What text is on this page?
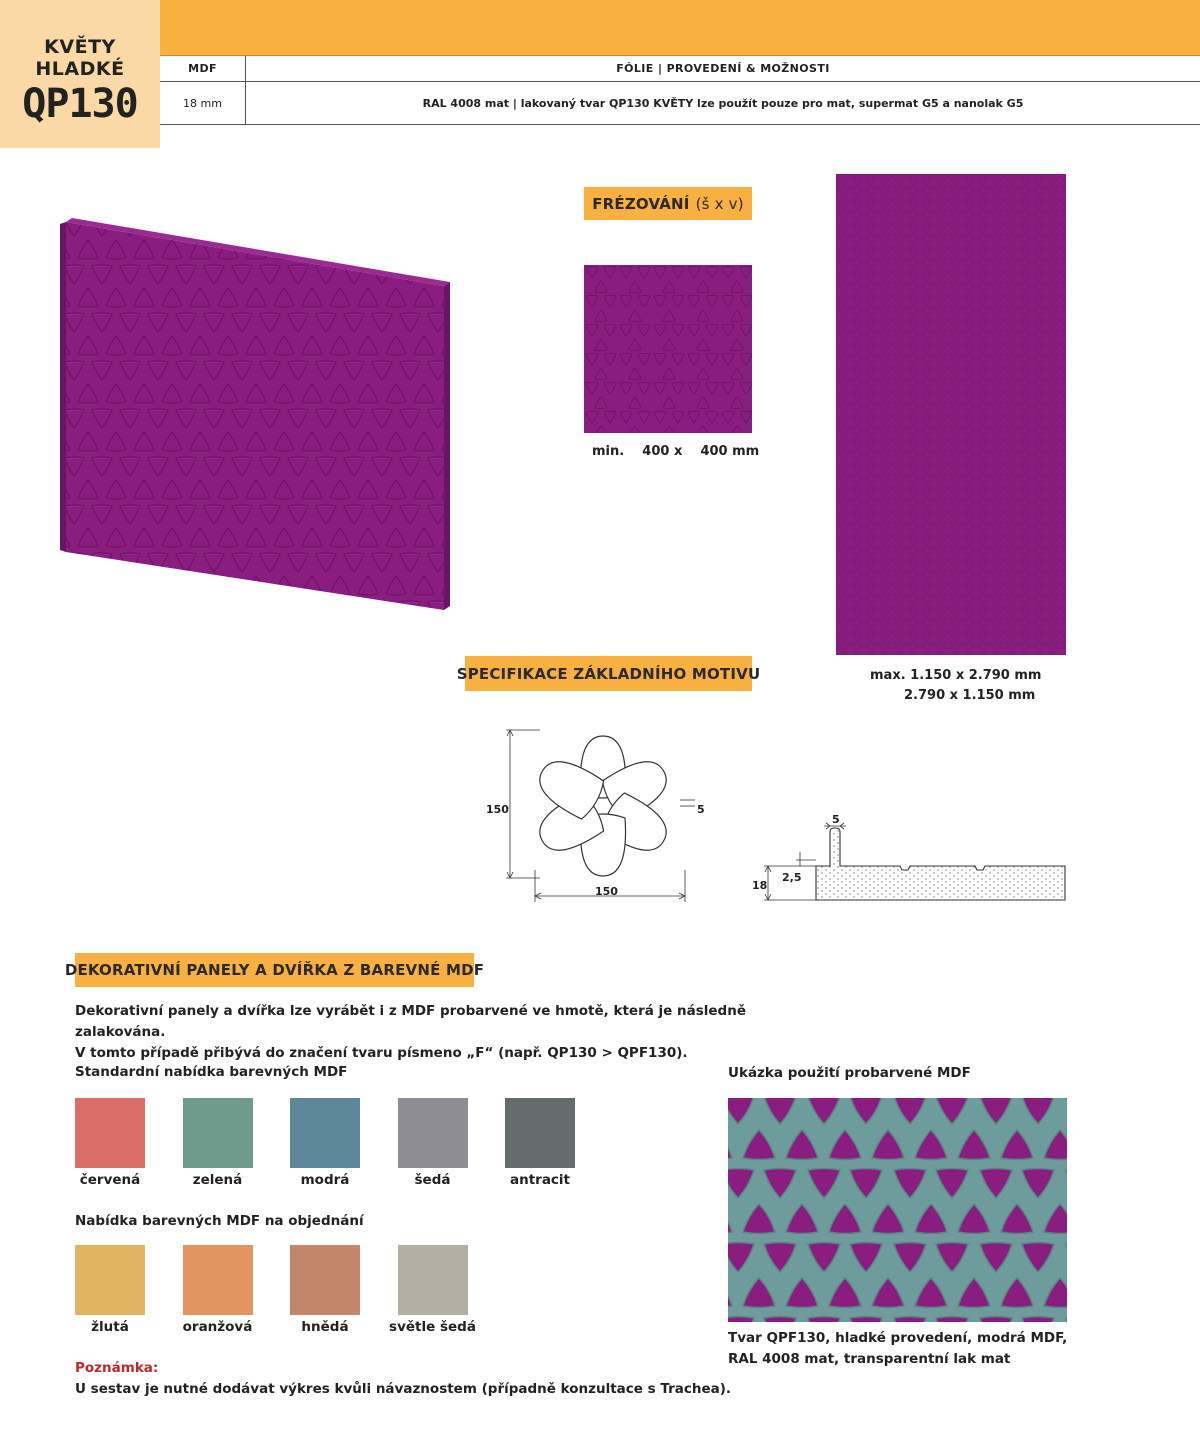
KVĚTY
HLADKÉ
QP130
MDF	FÓLIE | PROVEDENÍ & MOŽNOSTI
18 mm	RAL 4008 mat | lakovaný tvar QP130 KVĚTY lze použít pouze pro mat, supermat G5 a nanolak G5
FRÉZOVÁNÍ (š x v)
min.    400 x    400 mm
max. 1.150 x 2.790 mm
2.790 x 1.150 mm
SPECIFIKACE ZÁKLADNÍHO MOTIVU
150
150
5
5
2,5
18
DEKORATIVNÍ PANELY A DVÍŘKA Z BAREVNÉ MDF
Dekorativní panely a dvířka lze vyrábět i z MDF probarvené ve hmotě, která je následně zalakována.
V tomto případě přibývá do značení tvaru písmeno „F“ (např. QP130 > QPF130).
Standardní nabídka barevných MDF
červená	zelená	modrá	šedá	antracit
Nabídka barevných MDF na objednání
žlutá	oranžová	hnědá	světle šedá
Poznámka:
U sestav je nutné dodávat výkres kvůli návaznostem (případně konzultace s Trachea).
Ukázka použití probarvené MDF
Tvar QPF130, hladké provedení, modrá MDF,
RAL 4008 mat, transparentní lak mat
